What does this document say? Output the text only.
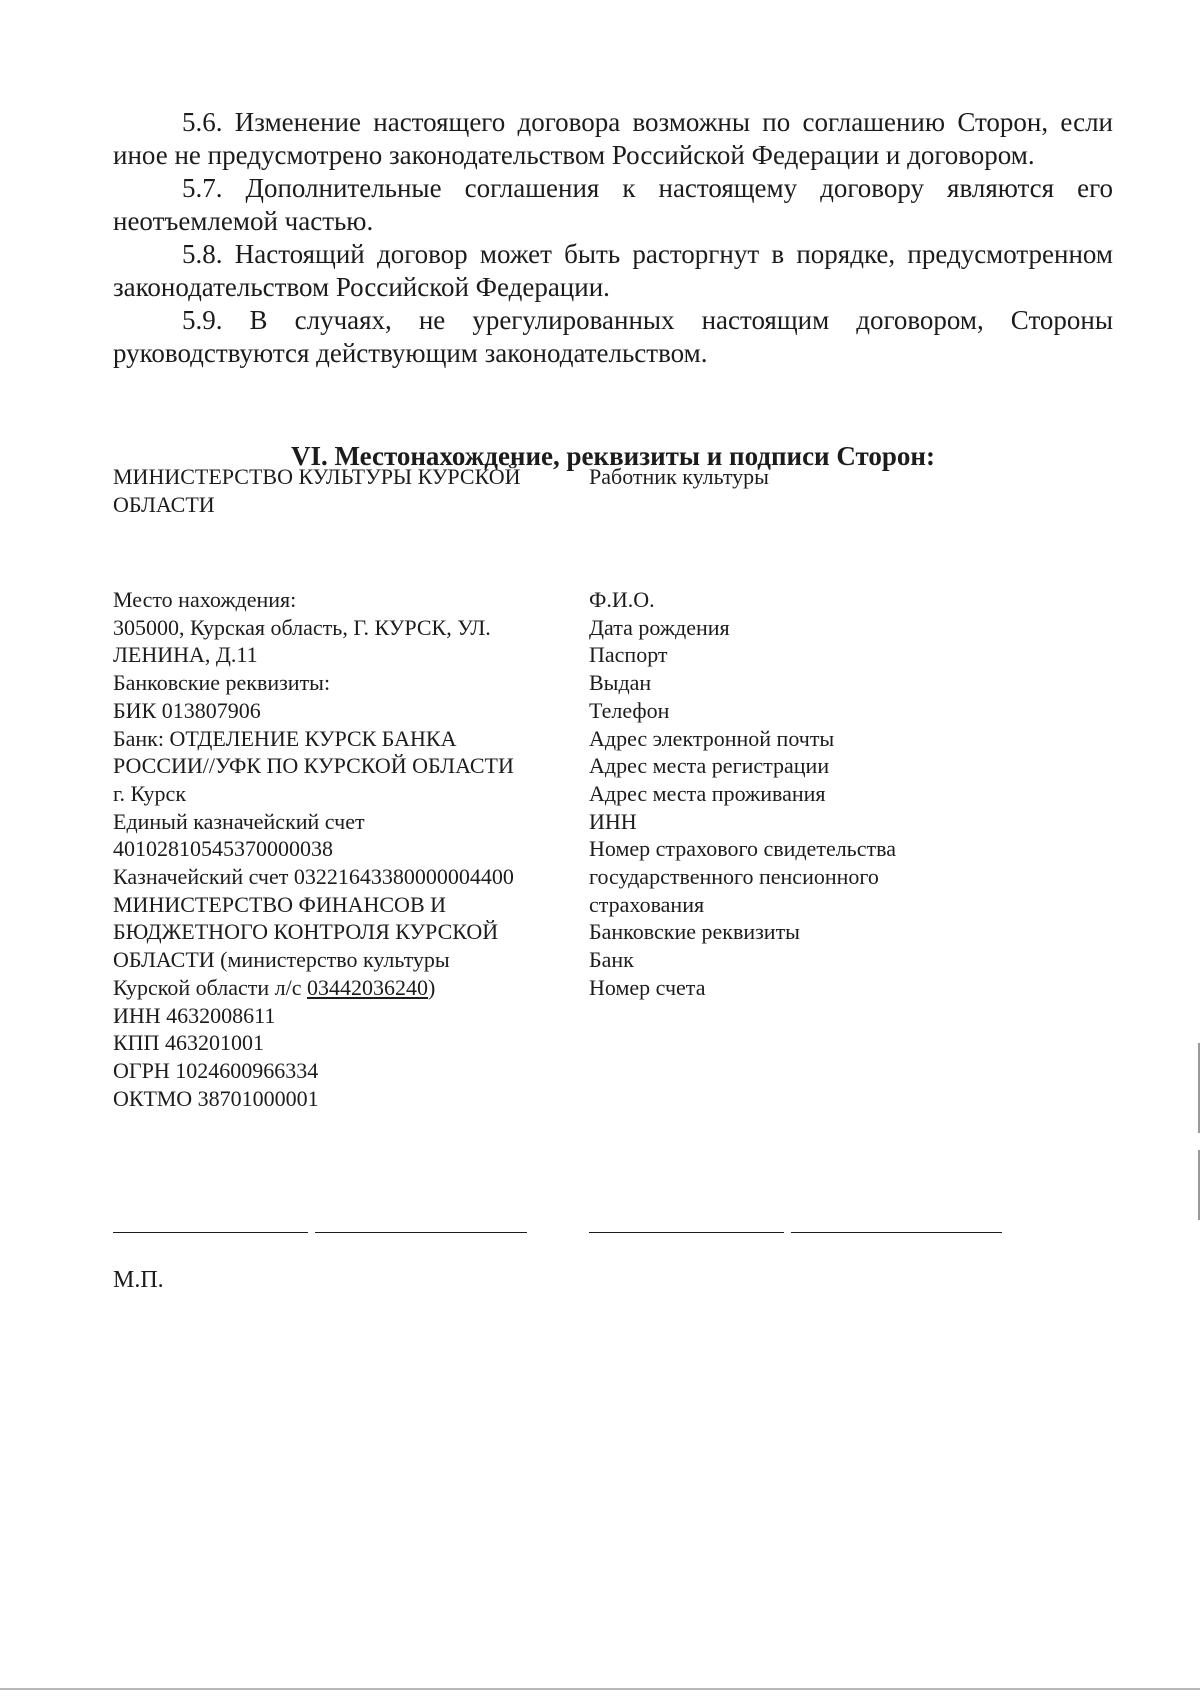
5.6. Изменение настоящего договора возможны по соглашению Сторон, если иное не предусмотрено законодательством Российской Федерации и договором.

5.7. Дополнительные соглашения к настоящему договору являются его неотъемлемой частью.

5.8. Настоящий договор может быть расторгнут в порядке, предусмотренном законодательством Российской Федерации.

5.9. В случаях, не урегулированных настоящим договором, Стороны руководствуются действующим законодательством.

VI. Местонахождение, реквизиты и подписи Сторон:
МИНИСТЕРСТВО КУЛЬТУРЫ КУРСКОЙ
ОБЛАСТИ
Работник культуры
Место нахождения:
305000, Курская область, Г. КУРСК, УЛ.
ЛЕНИНА, Д.11
Банковские реквизиты:
БИК 013807906
Банк: ОТДЕЛЕНИЕ КУРСК БАНКА
РОССИИ//УФК ПО КУРСКОЙ ОБЛАСТИ
г. Курск
Единый казначейский счет
40102810545370000038
Казначейский счет 03221643380000004400
МИНИСТЕРСТВО ФИНАНСОВ И
БЮДЖЕТНОГО КОНТРОЛЯ КУРСКОЙ
ОБЛАСТИ (министерство культуры
Курской области л/с 03442036240)
ИНН 4632008611
КПП 463201001
ОГРН 1024600966334
ОКТМО 38701000001
Ф.И.О.
Дата рождения
Паспорт
Выдан
Телефон
Адрес электронной почты
Адрес места регистрации
Адрес места проживания
ИНН
Номер страхового свидетельства
государственного пенсионного
страхования
Банковские реквизиты
Банк
Номер счета
М.П.
